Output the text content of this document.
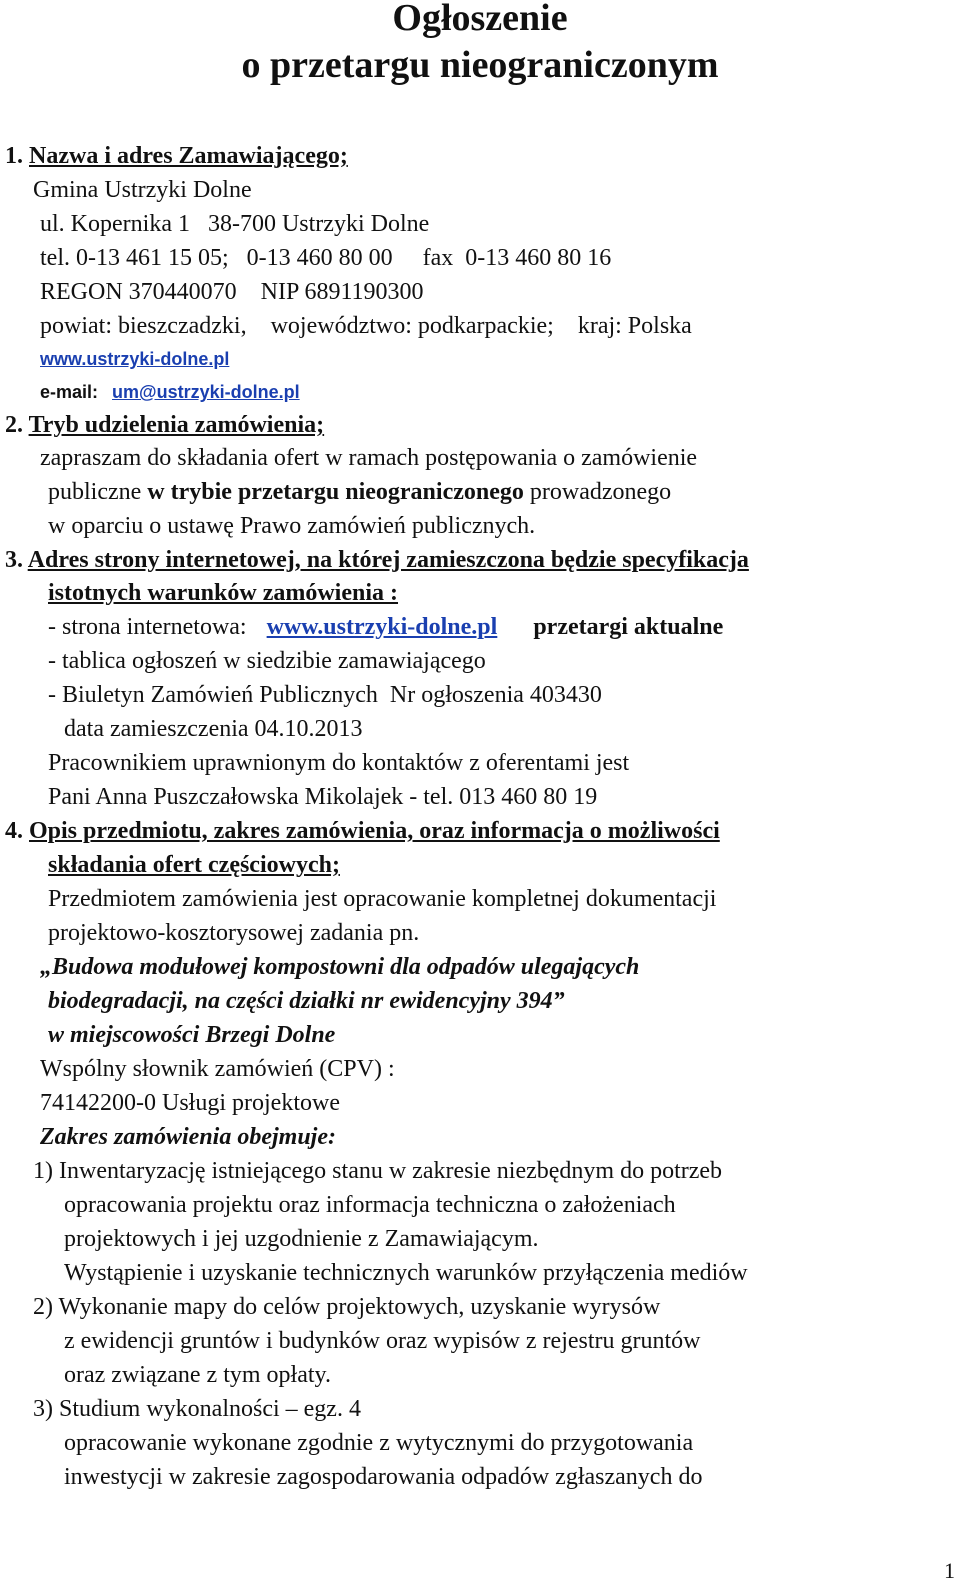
Ogłoszenie
o przetargu nieograniczonym
1. Nazwa i adres Zamawiającego;
Gmina Ustrzyki Dolne
ul. Kopernika 1   38-700 Ustrzyki Dolne
tel. 0-13 461 15 05;   0-13 460 80 00     fax  0-13 460 80 16
REGON 370440070    NIP 6891190300
powiat: bieszczadzki,    województwo: podkarpackie;    kraj: Polska
www.ustrzyki-dolne.pl
e-mail: um@ustrzyki-dolne.pl
2. Tryb udzielenia zamówienia;
zapraszam do składania ofert w ramach postępowania o zamówienie
publiczne w trybie przetargu nieograniczonego prowadzonego
w oparciu o ustawę Prawo zamówień publicznych.
3. Adres strony internetowej, na której zamieszczona będzie specyfikacja
istotnych warunków zamówienia :
- strona internetowa: www.ustrzyki-dolne.pl przetargi aktualne
- tablica ogłoszeń w siedzibie zamawiającego
- Biuletyn Zamówień Publicznych  Nr ogłoszenia 403430
data zamieszczenia 04.10.2013
Pracownikiem uprawnionym do kontaktów z oferentami jest
Pani Anna Puszczałowska Mikolajek - tel. 013 460 80 19
4. Opis przedmiotu, zakres zamówienia, oraz informacja o możliwości
składania ofert częściowych;
Przedmiotem zamówienia jest opracowanie kompletnej dokumentacji
projektowo-kosztorysowej zadania pn.
„Budowa modułowej kompostowni dla odpadów ulegających
biodegradacji, na części działki nr ewidencyjny 394”
w miejscowości Brzegi Dolne
Wspólny słownik zamówień (CPV) :
74142200-0 Usługi projektowe
Zakres zamówienia obejmuje:
1) Inwentaryzację istniejącego stanu w zakresie niezbędnym do potrzeb
opracowania projektu oraz informacja techniczna o założeniach
projektowych i jej uzgodnienie z Zamawiającym.
Wystąpienie i uzyskanie technicznych warunków przyłączenia mediów
2) Wykonanie mapy do celów projektowych, uzyskanie wyrysów
z ewidencji gruntów i budynków oraz wypisów z rejestru gruntów
oraz związane z tym opłaty.
3) Studium wykonalności – egz. 4
opracowanie wykonane zgodnie z wytycznymi do przygotowania
inwestycji w zakresie zagospodarowania odpadów zgłaszanych do
1
